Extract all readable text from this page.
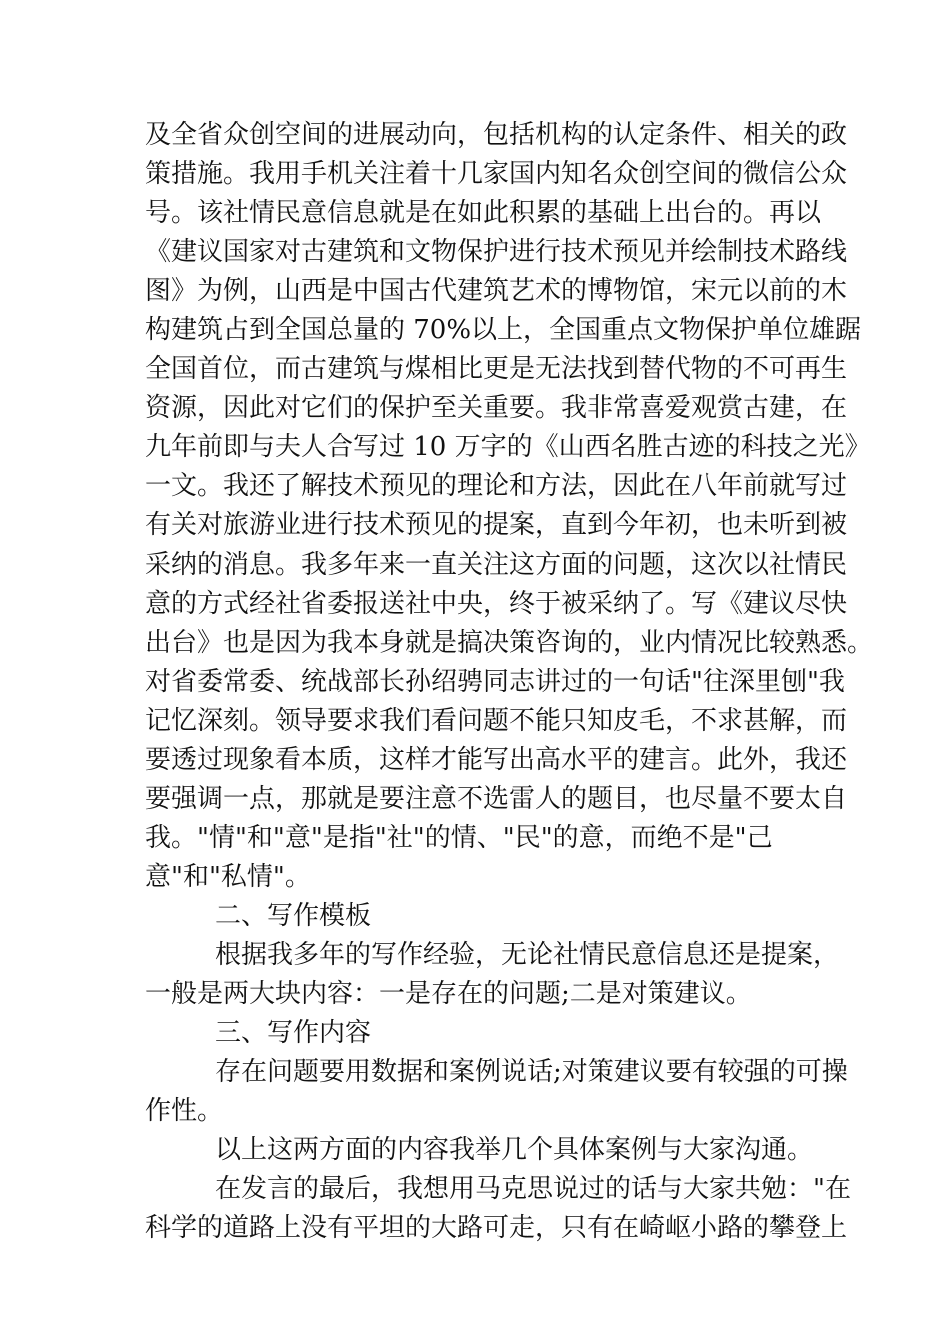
及全省众创空间的进展动向，包括机构的认定条件、相关的政
策措施。我用手机关注着十几家国内知名众创空间的微信公众
号。该社情民意信息就是在如此积累的基础上出台的。再以
《建议国家对古建筑和文物保护进行技术预见并绘制技术路线
图》为例，山西是中国古代建筑艺术的博物馆，宋元以前的木
构建筑占到全国总量的 70%以上，全国重点文物保护单位雄踞
全国首位，而古建筑与煤相比更是无法找到替代物的不可再生
资源，因此对它们的保护至关重要。我非常喜爱观赏古建，在
九年前即与夫人合写过 10 万字的《山西名胜古迹的科技之光》
一文。我还了解技术预见的理论和方法，因此在八年前就写过
有关对旅游业进行技术预见的提案，直到今年初，也未听到被
采纳的消息。我多年来一直关注这方面的问题，这次以社情民
意的方式经社省委报送社中央，终于被采纳了。写《建议尽快
出台》也是因为我本身就是搞决策咨询的，业内情况比较熟悉。
对省委常委、统战部长孙绍骋同志讲过的一句话"往深里刨"我
记忆深刻。领导要求我们看问题不能只知皮毛，不求甚解，而
要透过现象看本质，这样才能写出高水平的建言。此外，我还
要强调一点，那就是要注意不选雷人的题目，也尽量不要太自
我。"情"和"意"是指"社"的情、"民"的意，而绝不是"己
意"和"私情"。
二、写作模板
根据我多年的写作经验，无论社情民意信息还是提案，
一般是两大块内容：一是存在的问题;二是对策建议。
三、写作内容
存在问题要用数据和案例说话;对策建议要有较强的可操
作性。
以上这两方面的内容我举几个具体案例与大家沟通。
在发言的最后，我想用马克思说过的话与大家共勉："在
科学的道路上没有平坦的大路可走，只有在崎岖小路的攀登上
